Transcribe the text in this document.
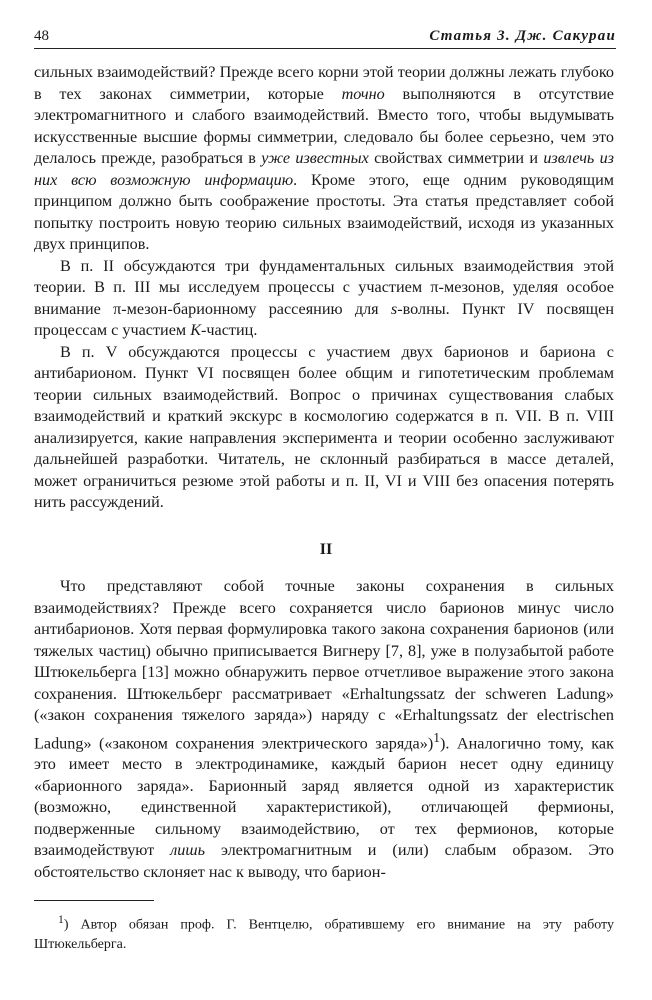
48	Статья 3. Дж. Сакураи

сильных взаимодействий? Прежде всего корни этой теории должны лежать глубоко в тех законах симметрии, которые точно выполняются в отсутствие электромагнитного и слабого взаимодействий. Вместо того, чтобы выдумывать искусственные высшие формы симметрии, следовало бы более серьезно, чем это делалось прежде, разобраться в уже известных свойствах симметрии и извлечь из них всю возможную информацию. Кроме этого, еще одним руководящим принципом должно быть соображение простоты. Эта статья представляет собой попытку построить новую теорию сильных взаимодействий, исходя из указанных двух принципов.

В п. II обсуждаются три фундаментальных сильных взаимодействия этой теории. В п. III мы исследуем процессы с участием π-мезонов, уделяя особое внимание π-мезон-барионному рассеянию для s-волны. Пункт IV посвящен процессам с участием K-частиц.

В п. V обсуждаются процессы с участием двух барионов и бариона с антибарионом. Пункт VI посвящен более общим и гипотетическим проблемам теории сильных взаимодействий. Вопрос о причинах существования слабых взаимодействий и краткий экскурс в космологию содержатся в п. VII. В п. VIII анализируется, какие направления эксперимента и теории особенно заслуживают дальнейшей разработки. Читатель, не склонный разбираться в массе деталей, может ограничиться резюме этой работы и п. II, VI и VIII без опасения потерять нить рассуждений.

II

Что представляют собой точные законы сохранения в сильных взаимодействиях? Прежде всего сохраняется число барионов минус число антибарионов. Хотя первая формулировка такого закона сохранения барионов (или тяжелых частиц) обычно приписывается Вигнеру [7, 8], уже в полузабытой работе Штюкельберга [13] можно обнаружить первое отчетливое выражение этого закона сохранения. Штюкельберг рассматривает «Erhaltungssatz der schweren Ladung» («закон сохранения тяжелого заряда») наряду с «Erhaltungssatz der electrischen Ladung» («законом сохранения электрического заряда»)$^1$). Аналогично тому, как это имеет место в электродинамике, каждый барион несет одну единицу «барионного заряда». Барионный заряд является одной из характеристик (возможно, единственной характеристикой), отличающей фермионы, подверженные сильному взаимодействию, от тех фермионов, которые взаимодействуют лишь электромагнитным и (или) слабым образом. Это обстоятельство склоняет нас к выводу, что барион-

$^1$) Автор обязан проф. Г. Вентцелю, обратившему его внимание на эту работу Штюкельберга.
